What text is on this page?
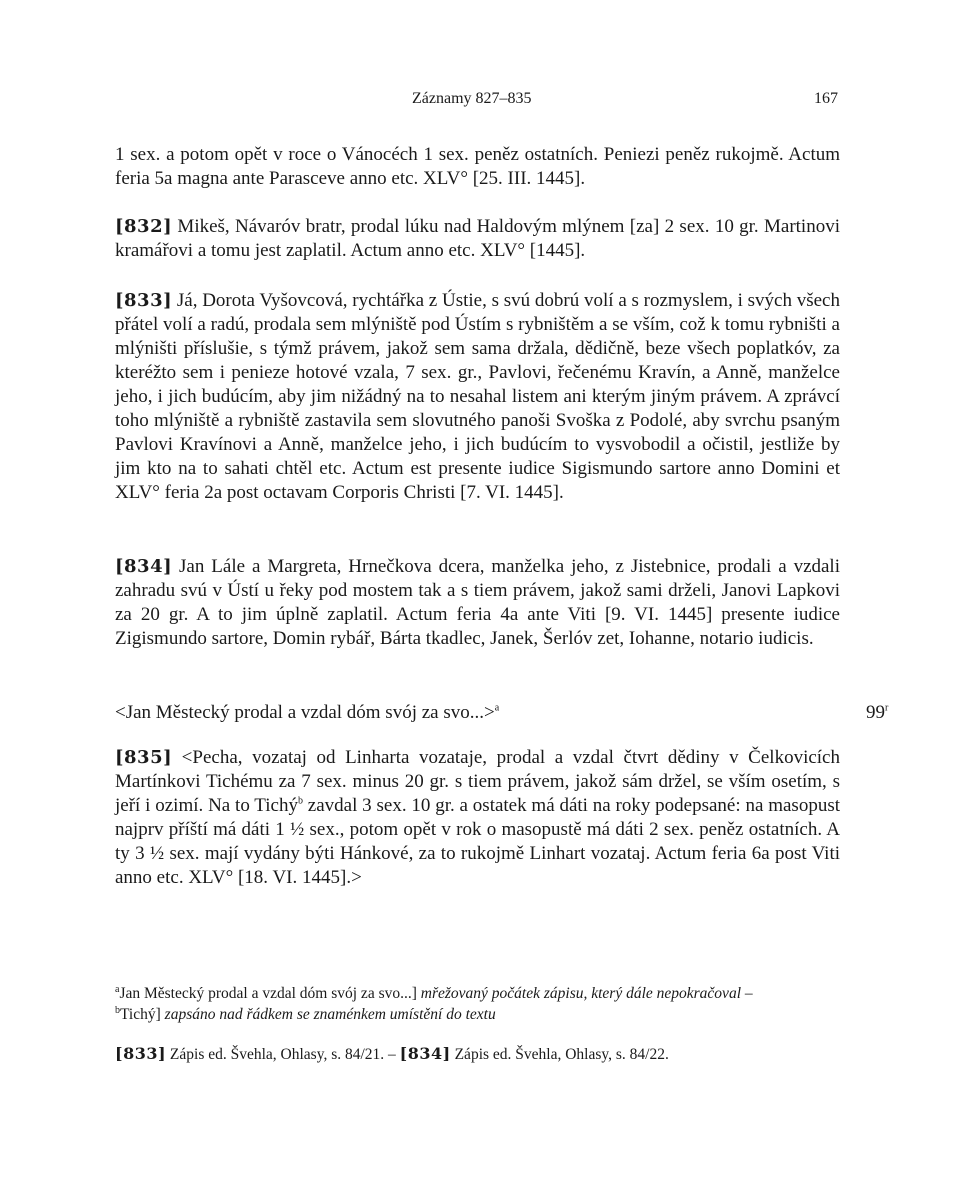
Záznamy 827–835	167

1 sex. a potom opět v roce o Vánocéch 1 sex. peněz ostatních. Peniezi peněz rukojmě. Actum feria 5a magna ante Parasceve anno etc. XLV° [25. III. 1445].

[832] Mikeš, Návaróv bratr, prodal lúku nad Haldovým mlýnem [za] 2 sex. 10 gr. Martinovi kramářovi a tomu jest zaplatil. Actum anno etc. XLV° [1445].

[833] Já, Dorota Vyšovcová, rychtářka z Ústie, s svú dobrú volí a s rozmyslem, i svých všech přátel volí a radú, prodala sem mlýniště pod Ústím s rybništěm a se vším, což k tomu rybništi a mlýništi příslušie, s týmž právem, jakož sem sama držala, dědičně, beze všech poplatkóv, za kteréžto sem i penieze hotové vzala, 7 sex. gr., Pavlovi, řečenému Kravín, a Anně, manželce jeho, i jich budúcím, aby jim nižádný na to nesahal listem ani kterým jiným právem. A zprávcí toho mlýniště a rybniště zastavila sem slovutného panoši Svoška z Podolé, aby svrchu psaným Pavlovi Kravínovi a Anně, manželce jeho, i jich budúcím to vysvobodil a očistil, jestliže by jim kto na to sahati chtěl etc. Actum est presente iudice Sigismundo sartore anno Domini et XLV° feria 2a post octavam Corporis Christi [7. VI. 1445].

[834] Jan Lále a Margreta, Hrnečkova dcera, manželka jeho, z Jistebnice, prodali a vzdali zahradu svú v Ústí u řeky pod mostem tak a s tiem právem, jakož sami drželi, Janovi Lapkovi za 20 gr. A to jim úplně zaplatil. Actum feria 4a ante Viti [9. VI. 1445] presente iudice Zigismundo sartore, Domin rybář, Bárta tkadlec, Janek, Šerlóv zet, Iohanne, notario iudicis.

<Jan Městecký prodal a vzdal dóm svój za svo...>$^a$	99$^r$

[835] <Pecha, vozataj od Linharta vozataje, prodal a vzdal čtvrt dědiny v Čelkovicích Martínkovi Tichému za 7 sex. minus 20 gr. s tiem právem, jakož sám držel, se vším osetím, s jeří i ozimí. Na to Tichý$^b$ zavdal 3 sex. 10 gr. a ostatek má dáti na roky podepsané: na masopust najprv příští má dáti 1 ½ sex., potom opět v rok o masopustě má dáti 2 sex. peněz ostatních. A ty 3 ½ sex. mají vydány býti Hánkové, za to rukojmě Linhart vozataj. Actum feria 6a post Viti anno etc. XLV° [18. VI. 1445].>

$^a$Jan Městecký prodal a vzdal dóm svój za svo...] mřežovaný počátek zápisu, který dále nepokračoval –

$^b$Tichý] zapsáno nad řádkem se znaménkem umístění do textu

[833] Zápis ed. Švehla, Ohlasy, s. 84/21. – [834] Zápis ed. Švehla, Ohlasy, s. 84/22.
